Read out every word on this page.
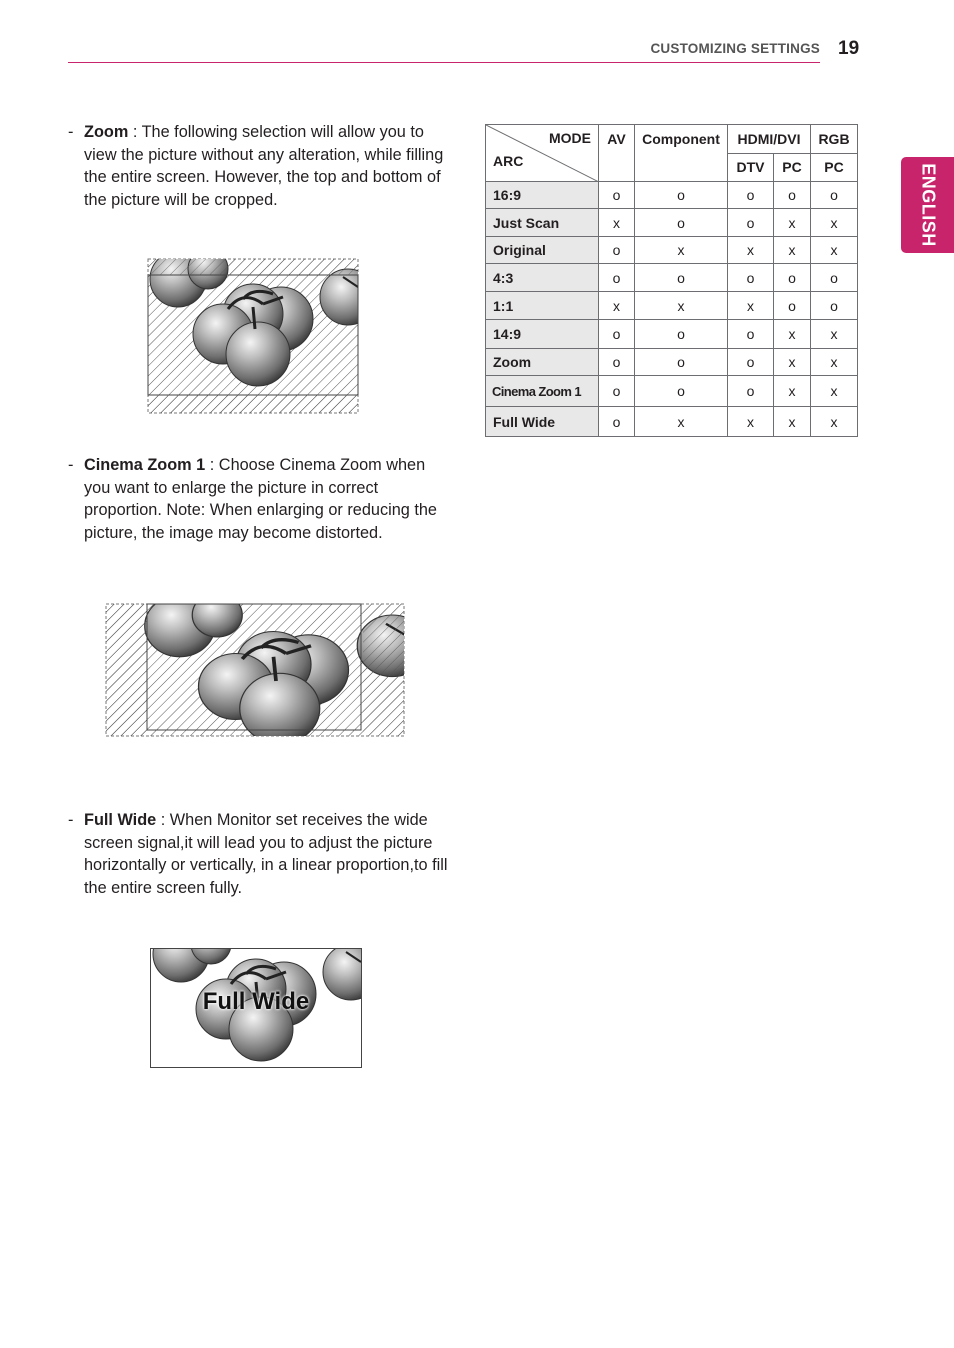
CUSTOMIZING SETTINGS 19
ENGLISH
- Zoom : The following selection will allow you to view the picture without any alteration, while filling the entire screen. However, the top and bottom of the picture will be cropped.
- Cinema Zoom 1 : Choose Cinema Zoom when you want to enlarge the picture in correct proportion. Note: When enlarging or reducing the picture, the image may become distorted.
- Full Wide : When Monitor set receives the wide screen signal,it will lead you to adjust the picture horizontally or vertically, in a linear proportion,to fill the entire screen fully.
Full Wide
MODE
ARC	AV	Component	HDMI/DVI		RGB
			DTV	PC	PC
16:9	o	o	o	o	o
Just Scan	x	o	o	x	x
Original	o	x	x	x	x
4:3	o	o	o	o	o
1:1	x	x	x	o	o
14:9	o	o	o	x	x
Zoom	o	o	o	x	x
Cinema Zoom 1	o	o	o	x	x
Full Wide	o	x	x	x	x
